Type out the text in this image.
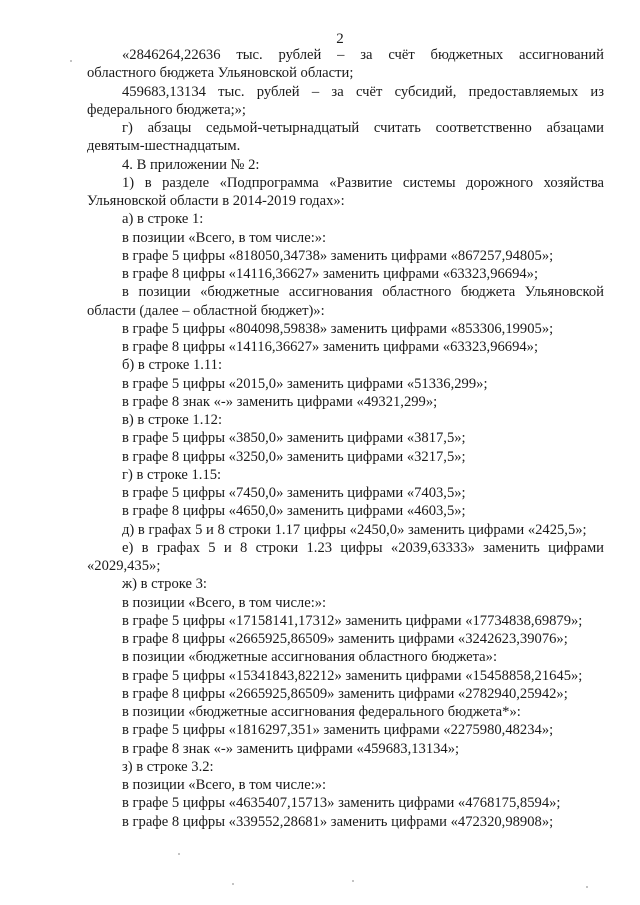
2
«2846264,22636 тыс. рублей – за счёт бюджетных ассигнований
областного бюджета Ульяновской области;
459683,13134 тыс. рублей – за счёт субсидий, предоставляемых из
федерального бюджета;»;
г) абзацы седьмой-четырнадцатый считать соответственно абзацами
девятым-шестнадцатым.
4. В приложении № 2:
1) в разделе «Подпрограмма «Развитие системы дорожного хозяйства
Ульяновской области в 2014-2019 годах»:
а) в строке 1:
в позиции «Всего, в том числе:»:
в графе 5 цифры «818050,34738» заменить цифрами «867257,94805»;
в графе 8 цифры «14116,36627» заменить цифрами «63323,96694»;
в позиции «бюджетные ассигнования областного бюджета Ульяновской
области (далее – областной бюджет)»:
в графе 5 цифры «804098,59838» заменить цифрами «853306,19905»;
в графе 8 цифры «14116,36627» заменить цифрами «63323,96694»;
б) в строке 1.11:
в графе 5 цифры «2015,0» заменить цифрами «51336,299»;
в графе 8 знак «-» заменить цифрами «49321,299»;
в) в строке 1.12:
в графе 5 цифры «3850,0» заменить цифрами «3817,5»;
в графе 8 цифры «3250,0» заменить цифрами «3217,5»;
г) в строке 1.15:
в графе 5 цифры «7450,0» заменить цифрами «7403,5»;
в графе 8 цифры «4650,0» заменить цифрами «4603,5»;
д) в графах 5 и 8 строки 1.17 цифры «2450,0» заменить цифрами «2425,5»;
е) в графах 5 и 8 строки 1.23 цифры «2039,63333» заменить цифрами
«2029,435»;
ж) в строке 3:
в позиции «Всего, в том числе:»:
в графе 5 цифры «17158141,17312» заменить цифрами «17734838,69879»;
в графе 8 цифры «2665925,86509» заменить цифрами «3242623,39076»;
в позиции «бюджетные ассигнования областного бюджета»:
в графе 5 цифры «15341843,82212» заменить цифрами «15458858,21645»;
в графе 8 цифры «2665925,86509» заменить цифрами «2782940,25942»;
в позиции «бюджетные ассигнования федерального бюджета*»:
в графе 5 цифры «1816297,351» заменить цифрами «2275980,48234»;
в графе 8 знак «-» заменить цифрами «459683,13134»;
з) в строке 3.2:
в позиции «Всего, в том числе:»:
в графе 5 цифры «4635407,15713» заменить цифрами «4768175,8594»;
в графе 8 цифры «339552,28681» заменить цифрами «472320,98908»;
